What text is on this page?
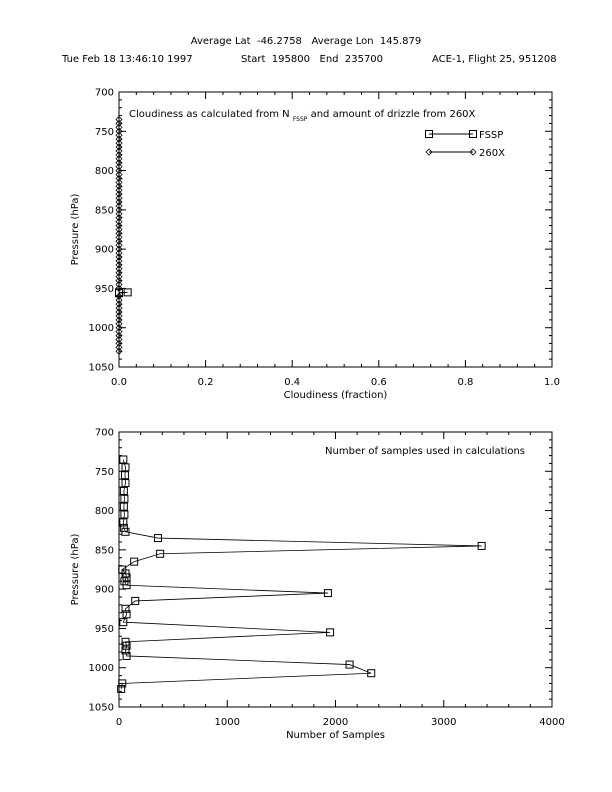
Average Lat  -46.2758   Average Lon  145.879
Tue Feb 18 13:46:10 1997	Start  195800   End  235700	ACE-1, Flight 25, 951208
700
750
800
850
900
950
1000
1050
0.0	0.2	0.4	0.6	0.8	1.0
Cloudiness (fraction)
Pressure (hPa)
Cloudiness as calculated from N $_{FSSP}$ and amount of drizzle from 260X
FSSP
260X
700
750
800
850
900
950
1000
1050
0	1000	2000	3000	4000
Number of Samples
Pressure (hPa)
Number of samples used in calculations
